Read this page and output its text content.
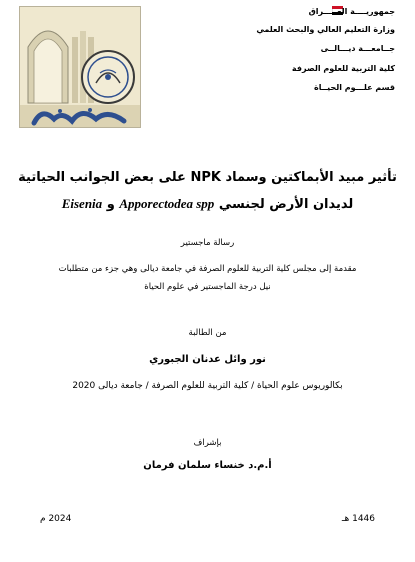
جمهوريــــة العـــــراق
وزارة التعليم العالي والبحث العلمي
جــامعـــة ديـــالــى
كلية التربية للعلوم الصرفة
قسم علـــوم الحيــاة
تأثير مبيد الأبماكتين وسماد NPK على بعض الجوانب الحياتية
لديدان الأرض لجنسي Apporectodea spp و Eisenia
رسالة ماجستير
مقدمة إلى مجلس كلية التربية للعلوم الصرفة في جامعة ديالى وهي جزء من متطلبات
نيل درجة الماجستير في علوم الحياة
من الطالبة
نور وائل عدنان الجبوري
بكالوريوس علوم الحياة / كلية التربية للعلوم الصرفة / جامعة ديالى 2020
بإشراف
أ.م.د خنساء سلمان فرمان
2024 م	1446 هـ
